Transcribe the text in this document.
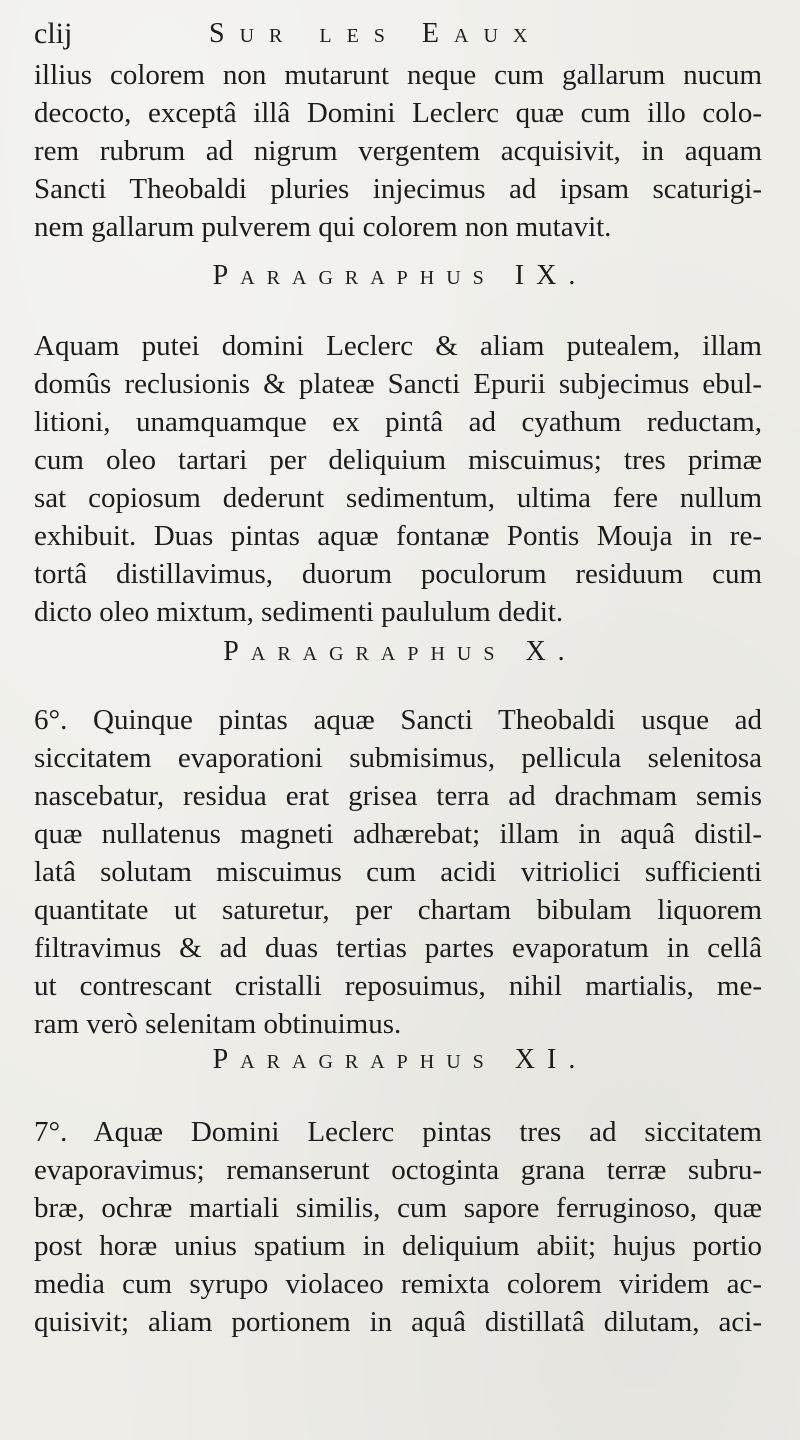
clij	Sur les Eaux
illius colorem non mutarunt neque cum gallarum nucum
decocto, exceptâ illâ Domini Leclerc quæ cum illo colo-
rem rubrum ad nigrum vergentem acquisivit, in aquam
Sancti Theobaldi pluries injecimus ad ipsam scaturigi-
nem gallarum pulverem qui colorem non mutavit.
Paragraphus IX.
Aquam putei domini Leclerc & aliam putealem, illam
domûs reclusionis & plateæ Sancti Epurii subjecimus ebul-
litioni, unamquamque ex pintâ ad cyathum reductam,
cum oleo tartari per deliquium miscuimus; tres primæ
sat copiosum dederunt sedimentum, ultima fere nullum
exhibuit. Duas pintas aquæ fontanæ Pontis Mouja in re-
tortâ distillavimus, duorum poculorum residuum cum
dicto oleo mixtum, sedimenti paululum dedit.
Paragraphus X.
6°. Quinque pintas aquæ Sancti Theobaldi usque ad
siccitatem evaporationi submisimus, pellicula selenitosa
nascebatur, residua erat grisea terra ad drachmam semis
quæ nullatenus magneti adhærebat; illam in aquâ distil-
latâ solutam miscuimus cum acidi vitriolici sufficienti
quantitate ut saturetur, per chartam bibulam liquorem
filtravimus & ad duas tertias partes evaporatum in cellâ
ut contrescant cristalli reposuimus, nihil martialis, me-
ram verò selenitam obtinuimus.
Paragraphus XI.
7°. Aquæ Domini Leclerc pintas tres ad siccitatem
evaporavimus; remanserunt octoginta grana terræ subru-
bræ, ochræ martiali similis, cum sapore ferruginoso, quæ
post horæ unius spatium in deliquium abiit; hujus portio
media cum syrupo violaceo remixta colorem viridem ac-
quisivit; aliam portionem in aquâ distillatâ dilutam, aci-
